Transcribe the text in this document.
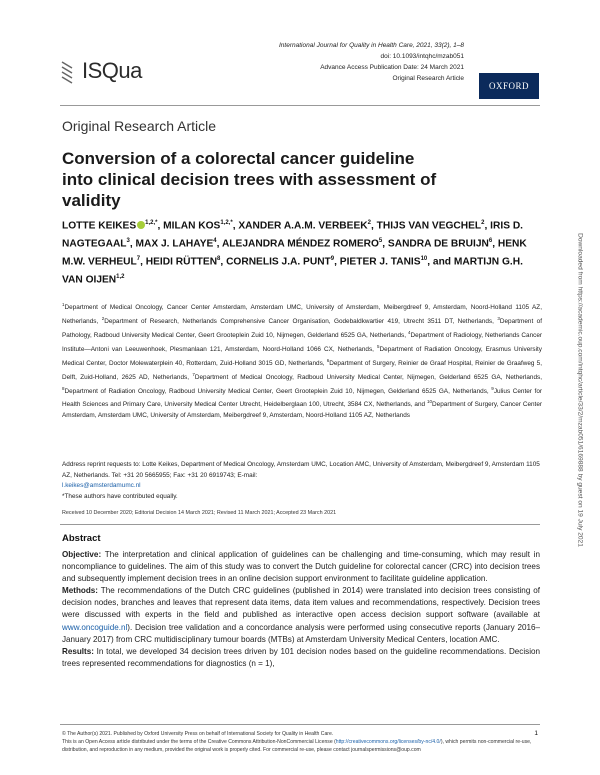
ISQua
International Journal for Quality in Health Care, 2021, 33(2), 1–8
doi: 10.1093/intqhc/mzab051
Advance Access Publication Date: 24 March 2021
Original Research Article
OXFORD
Original Research Article
Conversion of a colorectal cancer guideline into clinical decision trees with assessment of validity
LOTTE KEIKES $^{1,2,*}$, MILAN $KOS^{1,2,*}$, XANDER A.A.M. VERBEEK$^2$, THIJS VAN VEGCHEL$^2$, IRIS D. NAGTEGAAL$^3$, MAX J. LAHAYE$^4$, ALEJANDRA MÉNDEZ ROMERO$^5$, SANDRA DE BRUIJN$^6$, HENK M.W. VERHEUL$^7$, HEIDI RÜTTEN$^8$, CORNELIS J.A. PUNT$^9$, PIETER J. TANIS$^{10}$, and MARTIJN G.H. VAN OIJEN$^{1,2}$
$^1$Department of Medical Oncology, Cancer Center Amsterdam, Amsterdam UMC, University of Amsterdam, Meibergdreef 9, Amsterdam, Noord-Holland 1105 AZ, Netherlands, $^2$Department of Research, Netherlands Comprehensive Cancer Organisation, Godebaldkwartier 419, Utrecht 3511 DT, Netherlands, $^3$Department of Pathology, Radboud University Medical Center, Geert Grooteplein Zuid 10, Nijmegen, Gelderland 6525 GA, Netherlands, $^4$Department of Radiology, Netherlands Cancer Institute—Antoni van Leeuwenhoek, Plesmanlaan 121, Amsterdam, Noord-Holland 1066 CX, Netherlands, $^5$Department of Radiation Oncology, Erasmus University Medical Center, Doctor Molewaterplein 40, Rotterdam, Zuid-Holland 3015 GD, Netherlands, $^6$Department of Surgery, Reinier de Graaf Hospital, Reinier de Graafweg 5, Delft, Zuid-Holland, 2625 AD, Netherlands, $^7$Department of Medical Oncology, Radboud University Medical Center, Nijmegen, Gelderland 6525 GA, Netherlands, $^8$Department of Radiation Oncology, Radboud University Medical Center, Geert Grooteplein Zuid 10, Nijmegen, Gelderland 6525 GA, Netherlands, $^9$Julius Center for Health Sciences and Primary Care, University Medical Center Utrecht, Heidelberglaan 100, Utrecht, 3584 CX, Netherlands, and $^{10}$Department of Surgery, Cancer Center Amsterdam, Amsterdam UMC, University of Amsterdam, Meibergdreef 9, Amsterdam, Noord-Holland 1105 AZ, Netherlands
Address reprint requests to: Lotte Keikes, Department of Medical Oncology, Amsterdam UMC, Location AMC, University of Amsterdam, Meibergdreef 9, Amsterdam 1105 AZ, Netherlands. Tel: +31 20 5665955; Fax: +31 20 6919743; E-mail:
l.keikes@amsterdamumc.nl
*These authors have contributed equally.
Received 10 December 2020; Editorial Decision 14 March 2021; Revised 11 March 2021; Accepted 23 March 2021
Abstract
Objective: The interpretation and clinical application of guidelines can be challenging and time-consuming, which may result in noncompliance to guidelines. The aim of this study was to convert the Dutch guideline for colorectal cancer (CRC) into decision trees and subsequently implement decision trees in an online decision support environment to facilitate guideline application.
Methods: The recommendations of the Dutch CRC guidelines (published in 2014) were translated into decision trees consisting of decision nodes, branches and leaves that represent data items, data item values and recommendations, respectively. Decision trees were discussed with experts in the field and published as interactive open access decision support software (available at www.oncoguide.nl). Decision tree validation and a concordance analysis were performed using consecutive reports (January 2016–January 2017) from CRC multidisciplinary tumour boards (MTBs) at Amsterdam University Medical Centers, location AMC.
Results: In total, we developed 34 decision trees driven by 101 decision nodes based on the guideline recommendations. Decision trees represented recommendations for diagnostics (n = 1),
© The Author(s) 2021. Published by Oxford University Press on behalf of International Society for Quality in Health Care.
This is an Open Access article distributed under the terms of the Creative Commons Attribution-NonCommercial License (http://creativecommons.org/licenses/by-nc/4.0/), which permits non-commercial re-use, distribution, and reproduction in any medium, provided the original work is properly cited. For commercial re-use, please contact journalspermissions@oup.com
1
Downloaded from https://academic.oup.com/intqhc/article/33/2/mzab051/6169888 by guest on 19 July 2021
